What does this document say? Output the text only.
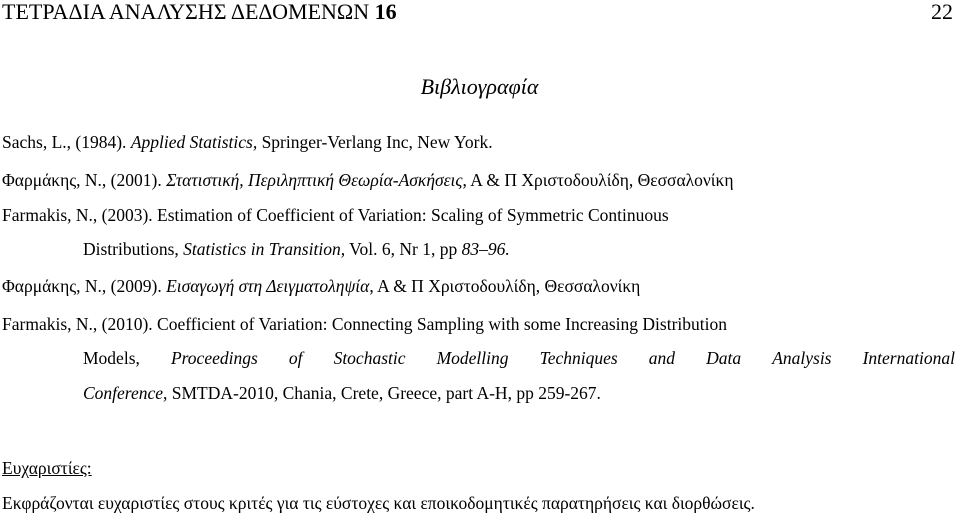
ΤΕΤΡΑΔΙΑ ΑΝΑΛΥΣΗΣ ΔΕΔΟΜΕΝΩΝ 16	22
Βιβλιογραφία
Sachs, L., (1984). Applied Statistics, Springer-Verlang Inc, New York.
Φαρμάκης, Ν., (2001). Στατιστική, Περιληπτική Θεωρία-Ασκήσεις, Α & Π Χριστοδουλίδη, Θεσσαλονίκη
Farmakis, N., (2003). Estimation of Coefficient of Variation: Scaling of Symmetric Continuous
Distributions, Statistics in Transition, Vol. 6, Nr 1, pp 83–96.
Φαρμάκης, Ν., (2009). Εισαγωγή στη Δειγματοληψία, Α & Π Χριστοδουλίδη, Θεσσαλονίκη
Farmakis, N., (2010). Coefficient of Variation: Connecting Sampling with some Increasing Distribution
Models, Proceedings of Stochastic Modelling Techniques and Data Analysis International
Conference, SMTDA-2010, Chania, Crete, Greece, part A-H, pp 259-267.
Ευχαριστίες:
Εκφράζονται ευχαριστίες στους κριτές για τις εύστοχες και εποικοδομητικές παρατηρήσεις και διορθώσεις.
